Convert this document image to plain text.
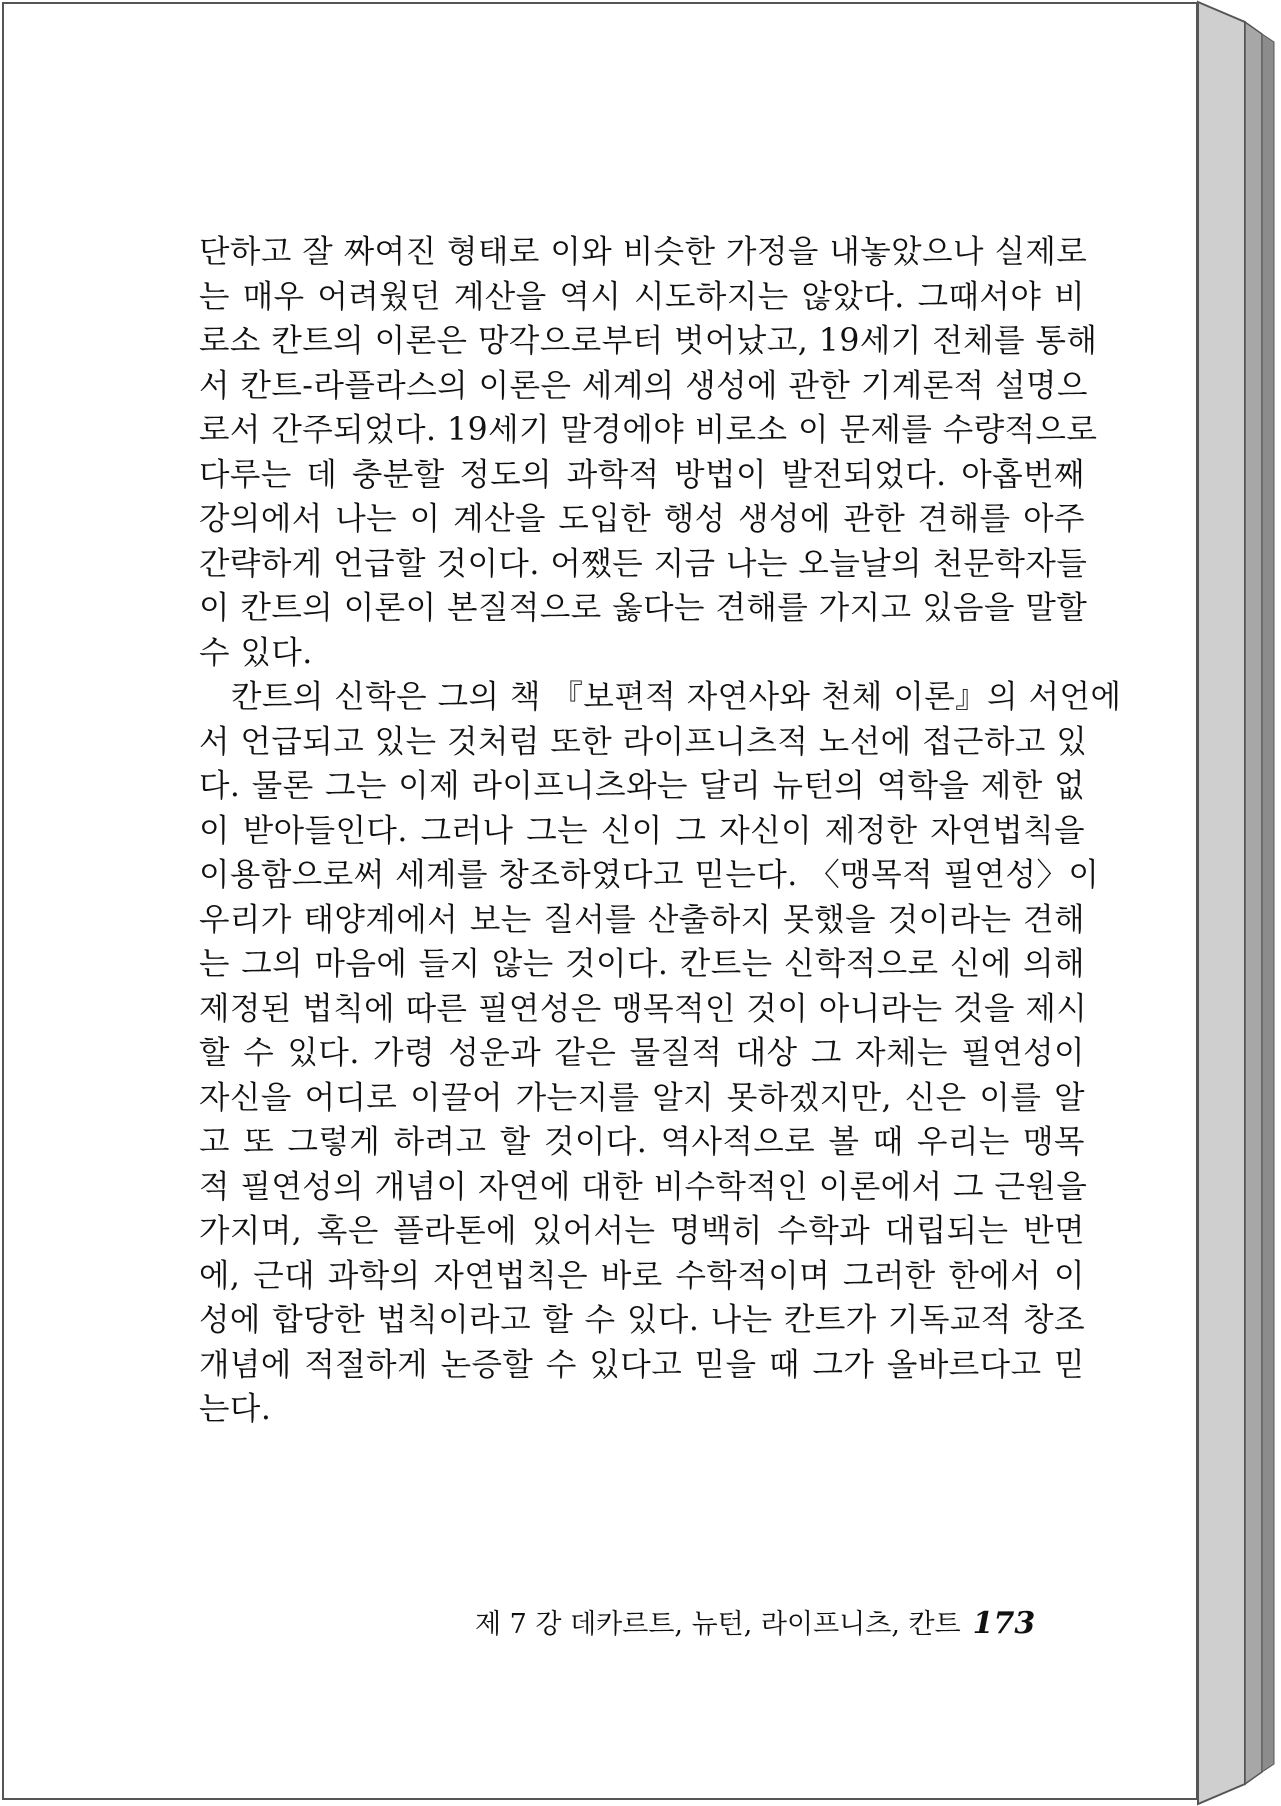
단하고 잘 짜여진 형태로 이와 비슷한 가정을 내놓았으나 실제로
는 매우 어려웠던 계산을 역시 시도하지는 않았다. 그때서야 비
로소 칸트의 이론은 망각으로부터 벗어났고, 19세기 전체를 통해
서 칸트-라플라스의 이론은 세계의 생성에 관한 기계론적 설명으
로서 간주되었다. 19세기 말경에야 비로소 이 문제를 수량적으로
다루는 데 충분할 정도의 과학적 방법이 발전되었다. 아홉번째
강의에서 나는 이 계산을 도입한 행성 생성에 관한 견해를 아주
간략하게 언급할 것이다. 어쨌든 지금 나는 오늘날의 천문학자들
이 칸트의 이론이 본질적으로 옳다는 견해를 가지고 있음을 말할
수 있다.
칸트의 신학은 그의 책 『보편적 자연사와 천체 이론』의 서언에
서 언급되고 있는 것처럼 또한 라이프니츠적 노선에 접근하고 있
다. 물론 그는 이제 라이프니츠와는 달리 뉴턴의 역학을 제한 없
이 받아들인다. 그러나 그는 신이 그 자신이 제정한 자연법칙을
이용함으로써 세계를 창조하였다고 믿는다. 〈맹목적 필연성〉이
우리가 태양계에서 보는 질서를 산출하지 못했을 것이라는 견해
는 그의 마음에 들지 않는 것이다. 칸트는 신학적으로 신에 의해
제정된 법칙에 따른 필연성은 맹목적인 것이 아니라는 것을 제시
할 수 있다. 가령 성운과 같은 물질적 대상 그 자체는 필연성이
자신을 어디로 이끌어 가는지를 알지 못하겠지만, 신은 이를 알
고 또 그렇게 하려고 할 것이다. 역사적으로 볼 때 우리는 맹목
적 필연성의 개념이 자연에 대한 비수학적인 이론에서 그 근원을
가지며, 혹은 플라톤에 있어서는 명백히 수학과 대립되는 반면
에, 근대 과학의 자연법칙은 바로 수학적이며 그러한 한에서 이
성에 합당한 법칙이라고 할 수 있다. 나는 칸트가 기독교적 창조
개념에 적절하게 논증할 수 있다고 믿을 때 그가 올바르다고 믿
는다.
제 7 강 데카르트, 뉴턴, 라이프니츠, 칸트 173
